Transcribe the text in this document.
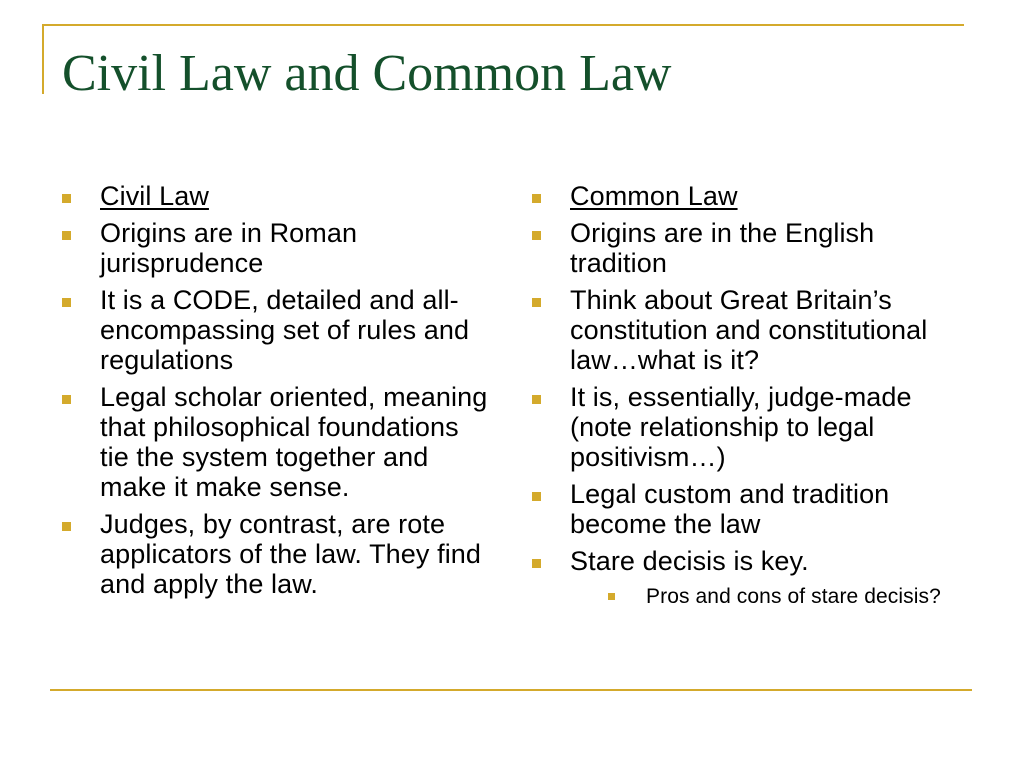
Civil Law and Common Law
Civil Law
Origins are in Roman jurisprudence
It is a CODE, detailed and all-encompassing set of rules and regulations
Legal scholar oriented, meaning that philosophical foundations tie the system together and make it make sense.
Judges, by contrast, are rote applicators of the law. They find and apply the law.
Common Law
Origins are in the English tradition
Think about Great Britain’s constitution and constitutional law…what is it?
It is, essentially, judge-made (note relationship to legal positivism…)
Legal custom and tradition become the law
Stare decisis is key.
Pros and cons of stare decisis?
